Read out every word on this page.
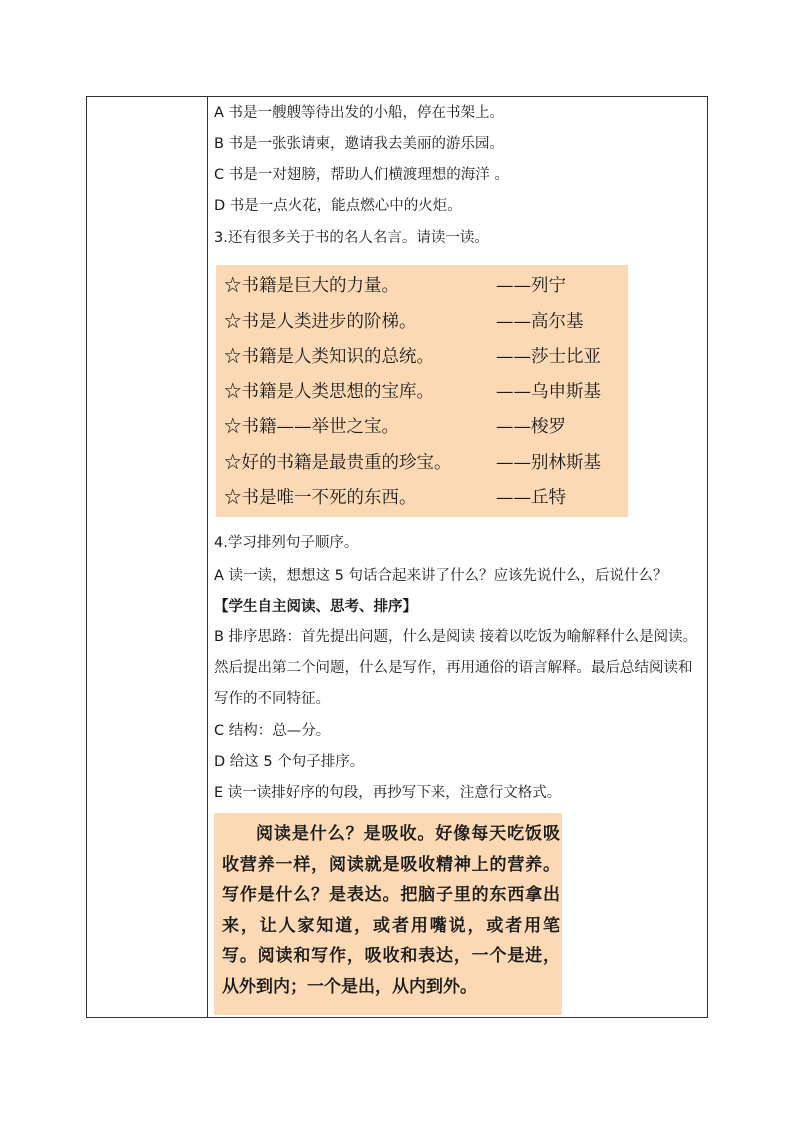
A 书是一艘艘等待出发的小船，停在书架上。
B 书是一张张请柬，邀请我去美丽的游乐园。
C 书是一对翅膀，帮助人们横渡理想的海洋 。
D 书是一点火花，能点燃心中的火炬。
3.还有很多关于书的名人名言。请读一读。
☆书籍是巨大的力量。	——列宁
☆书是人类进步的阶梯。	——高尔基
☆书籍是人类知识的总统。	——莎士比亚
☆书籍是人类思想的宝库。	——乌申斯基
☆书籍——举世之宝。	——梭罗
☆好的书籍是最贵重的珍宝。	——别林斯基
☆书是唯一不死的东西。	——丘特
4.学习排列句子顺序。
A 读一读，想想这 5 句话合起来讲了什么？应该先说什么，后说什么？
【学生自主阅读、思考、排序】
B 排序思路：首先提出问题，什么是阅读 接着以吃饭为喻解释什么是阅读。然后提出第二个问题，什么是写作，再用通俗的语言解释。最后总结阅读和写作的不同特征。
C 结构：总—分。
D 给这 5 个句子排序。
E 读一读排好序的句段，再抄写下来，注意行文格式。
阅读是什么？是吸收。好像每天吃饭吸收营养一样，阅读就是吸收精神上的营养。写作是什么？是表达。把脑子里的东西拿出来，让人家知道，或者用嘴说，或者用笔写。阅读和写作，吸收和表达，一个是进，从外到内；一个是出，从内到外。
